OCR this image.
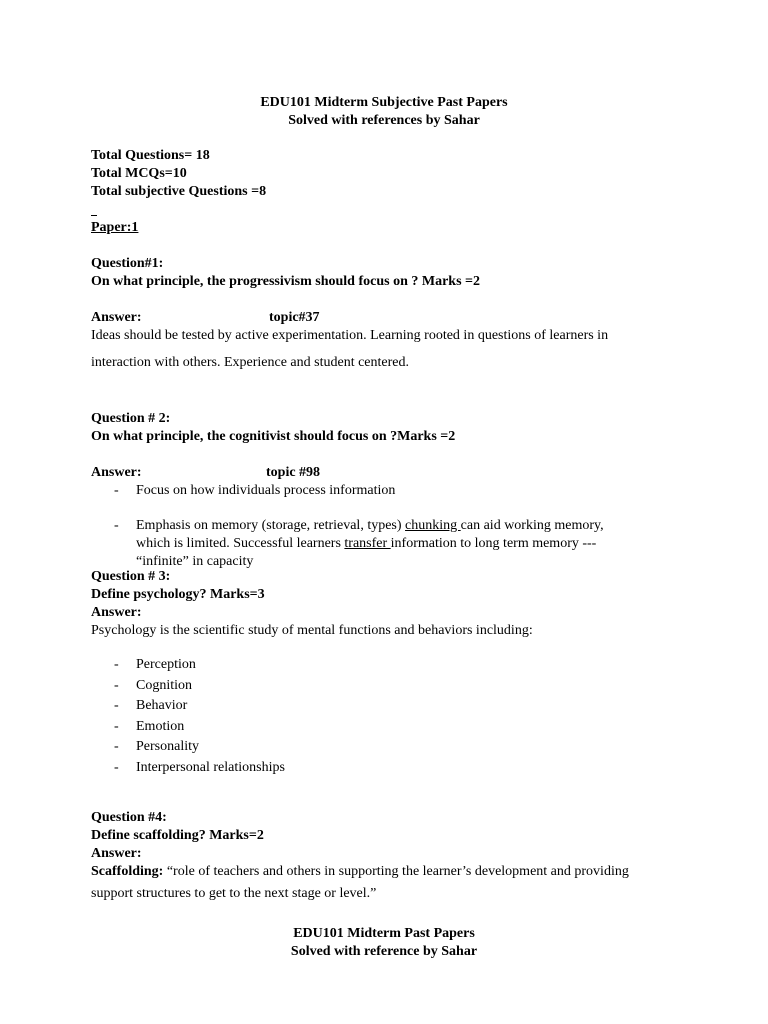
EDU101 Midterm Subjective Past Papers
Solved with references by Sahar
Total Questions= 18
Total MCQs=10
Total subjective Questions =8
Paper:1
Question#1:
On what principle, the progressivism should focus on ? Marks =2
Answer:	topic#37
Ideas should be tested by active experimentation. Learning rooted in questions of learners in
interaction with others. Experience and student centered.
Question # 2:
On what principle, the cognitivist should focus on ?Marks =2
Answer:	topic #98
- Focus on how individuals process information
- Emphasis on memory (storage, retrieval, types) chunking can aid working memory,
which is limited. Successful learners transfer information to long term memory ---
“infinite” in capacity
Question # 3:
Define psychology? Marks=3
Answer:
Psychology is the scientific study of mental functions and behaviors including:
- Perception
- Cognition
- Behavior
- Emotion
- Personality
- Interpersonal relationships
Question #4:
Define scaffolding? Marks=2
Answer:
Scaffolding: “role of teachers and others in supporting the learner’s development and providing
support structures to get to the next stage or level.”
EDU101 Midterm Past Papers
Solved with reference by Sahar
